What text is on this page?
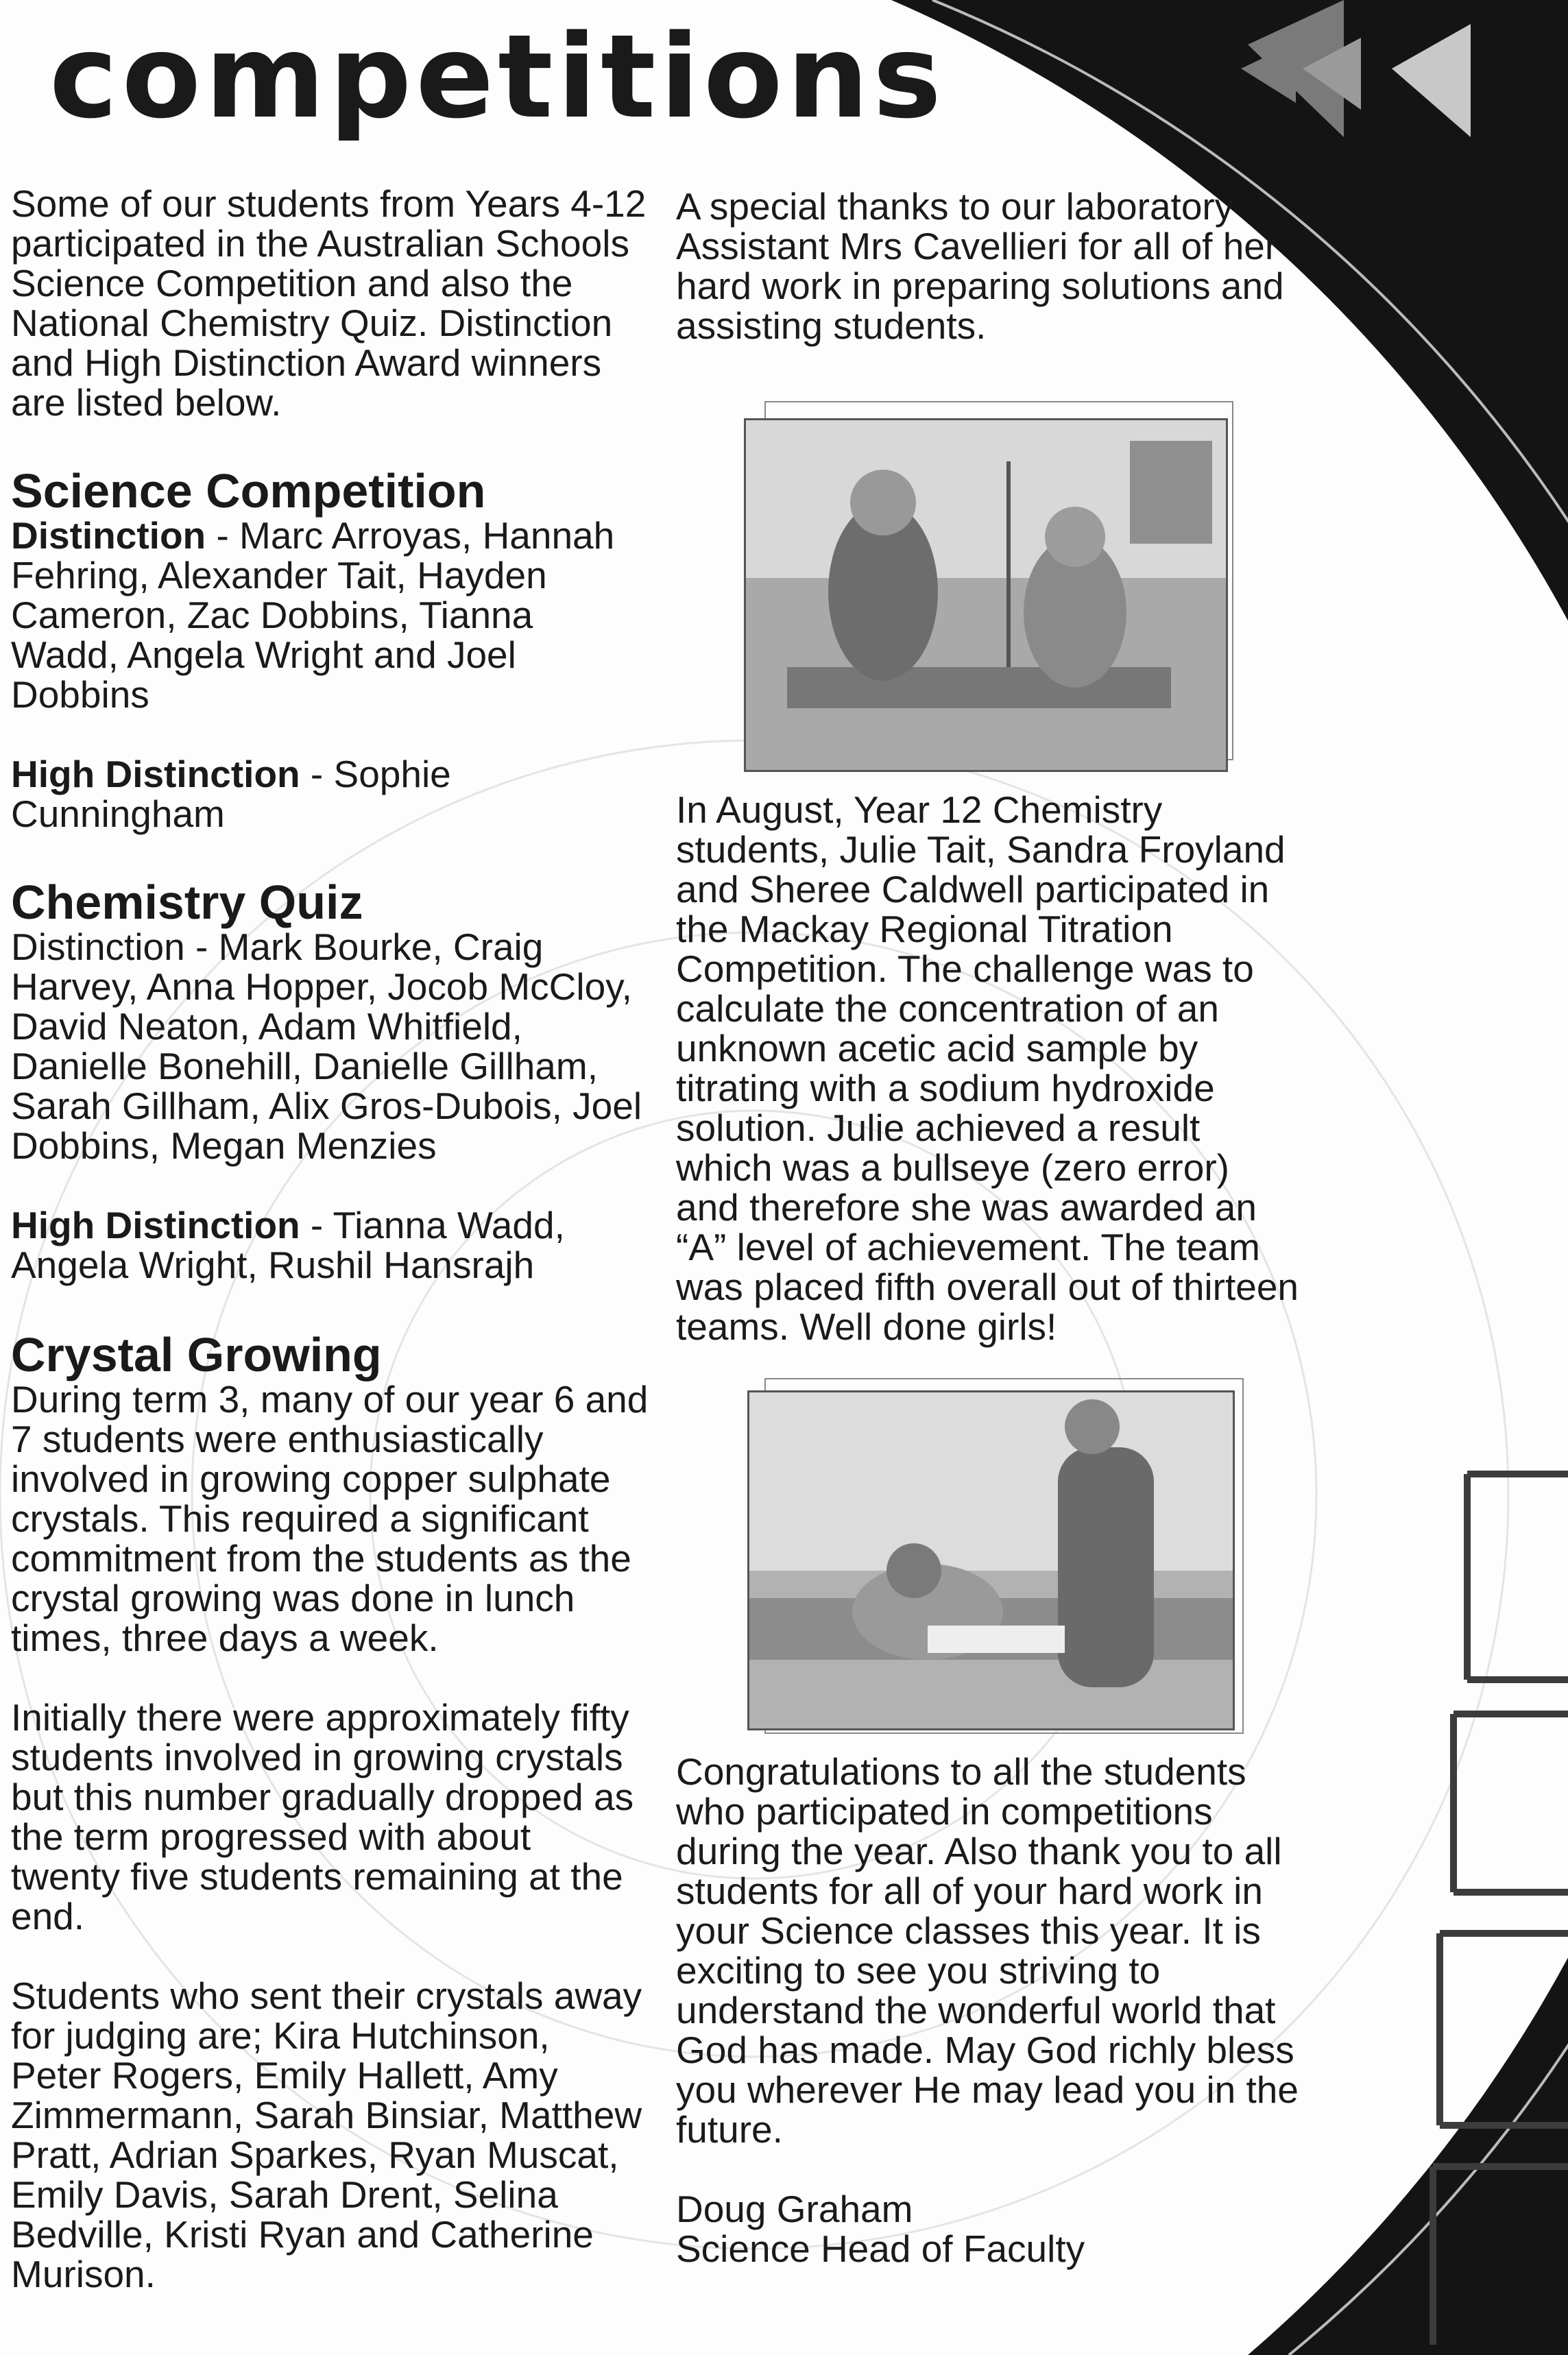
competitions

Some of our students from Years 4-12 participated in the Australian Schools Science Competition and also the National Chemistry Quiz. Distinction and High Distinction Award winners are listed below.

Science Competition

Distinction - Marc Arroyas, Hannah Fehring, Alexander Tait, Hayden Cameron, Zac Dobbins, Tianna Wadd, Angela Wright and Joel Dobbins

High Distinction - Sophie Cunningham

Chemistry Quiz

Distinction - Mark Bourke, Craig Harvey, Anna Hopper, Jocob McCloy, David Neaton, Adam Whitfield, Danielle Bonehill, Danielle Gillham, Sarah Gillham, Alix Gros-Dubois, Joel Dobbins, Megan Menzies

High Distinction - Tianna Wadd, Angela Wright, Rushil Hansrajh

Crystal Growing

During term 3, many of our year 6 and 7 students were enthusiastically involved in growing copper sulphate crystals. This required a significant commitment from the students as the crystal growing was done in lunch times, three days a week.

Initially there were approximately fifty students involved in growing crystals but this number gradually dropped as the term progressed with about twenty five students remaining at the end.

Students who sent their crystals away for judging are; Kira Hutchinson, Peter Rogers, Emily Hallett, Amy Zimmermann, Sarah Binsiar, Matthew Pratt, Adrian Sparkes, Ryan Muscat, Emily Davis, Sarah Drent, Selina Bedville, Kristi Ryan and Catherine Murison.

A special thanks to our laboratory Assistant Mrs Cavellieri for all of her hard work in preparing solutions and assisting students.

In August, Year 12 Chemistry students, Julie Tait, Sandra Froyland and Sheree Caldwell participated in the Mackay Regional Titration Competition. The challenge was to calculate the concentration of an unknown acetic acid sample by titrating with a sodium hydroxide solution. Julie achieved a result which was a bullseye (zero error) and therefore she was awarded an “A” level of achievement. The team was placed fifth overall out of thirteen teams. Well done girls!

Congratulations to all the students who participated in competitions during the year. Also thank you to all students for all of your hard work in your Science classes this year. It is exciting to see you striving to understand the wonderful world that God has made. May God richly bless you wherever He may lead you in the future.

Doug Graham

Science Head of Faculty
